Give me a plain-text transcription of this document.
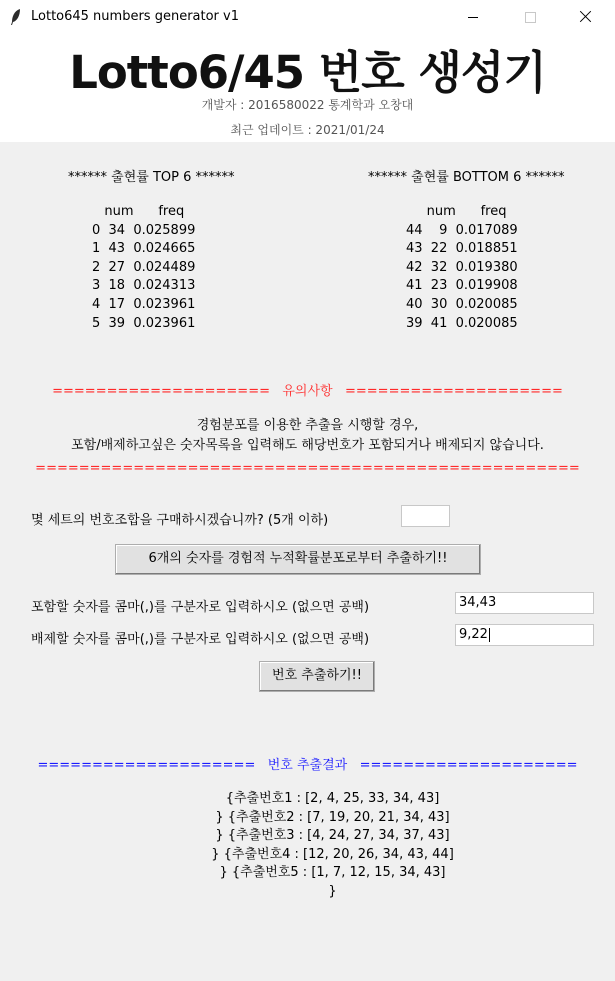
Lotto645 numbers generator v1
Lotto6/45 번호 생성기
개발자 : 2016580022 통계학과 오창대
최근 업데이트 : 2021/01/24
****** 출현률 TOP 6 ******
num      freq
0  34  0.025899
1  43  0.024665
2  27  0.024489
3  18  0.024313
4  17  0.023961
5  39  0.023961
****** 출현률 BOTTOM 6 ******
num      freq
44    9  0.017089
43  22  0.018851
42  32  0.019380
41  23  0.019908
40  30  0.020085
39  41  0.020085
====================   유의사항   ====================
경험분포를 이용한 추출을 시행할 경우,
포함/배제하고싶은 숫자목록을 입력해도 해당번호가 포함되거나 배제되지 않습니다.
==================================================
몇 세트의 번호조합을 구매하시겠습니까? (5개 이하)
6개의 숫자를 경험적 누적확률분포로부터 추출하기!!
포함할 숫자를 콤마(,)를 구분자로 입력하시오 (없으면 공백)	34,43
배제할 숫자를 콤마(,)를 구분자로 입력하시오 (없으면 공백)	9,22
번호 추출하기!!
====================   번호 추출결과   ====================
{추출번호1 : [2, 4, 25, 33, 34, 43]
} {추출번호2 : [7, 19, 20, 21, 34, 43]
} {추출번호3 : [4, 24, 27, 34, 37, 43]
} {추출번호4 : [12, 20, 26, 34, 43, 44]
} {추출번호5 : [1, 7, 12, 15, 34, 43]
}
